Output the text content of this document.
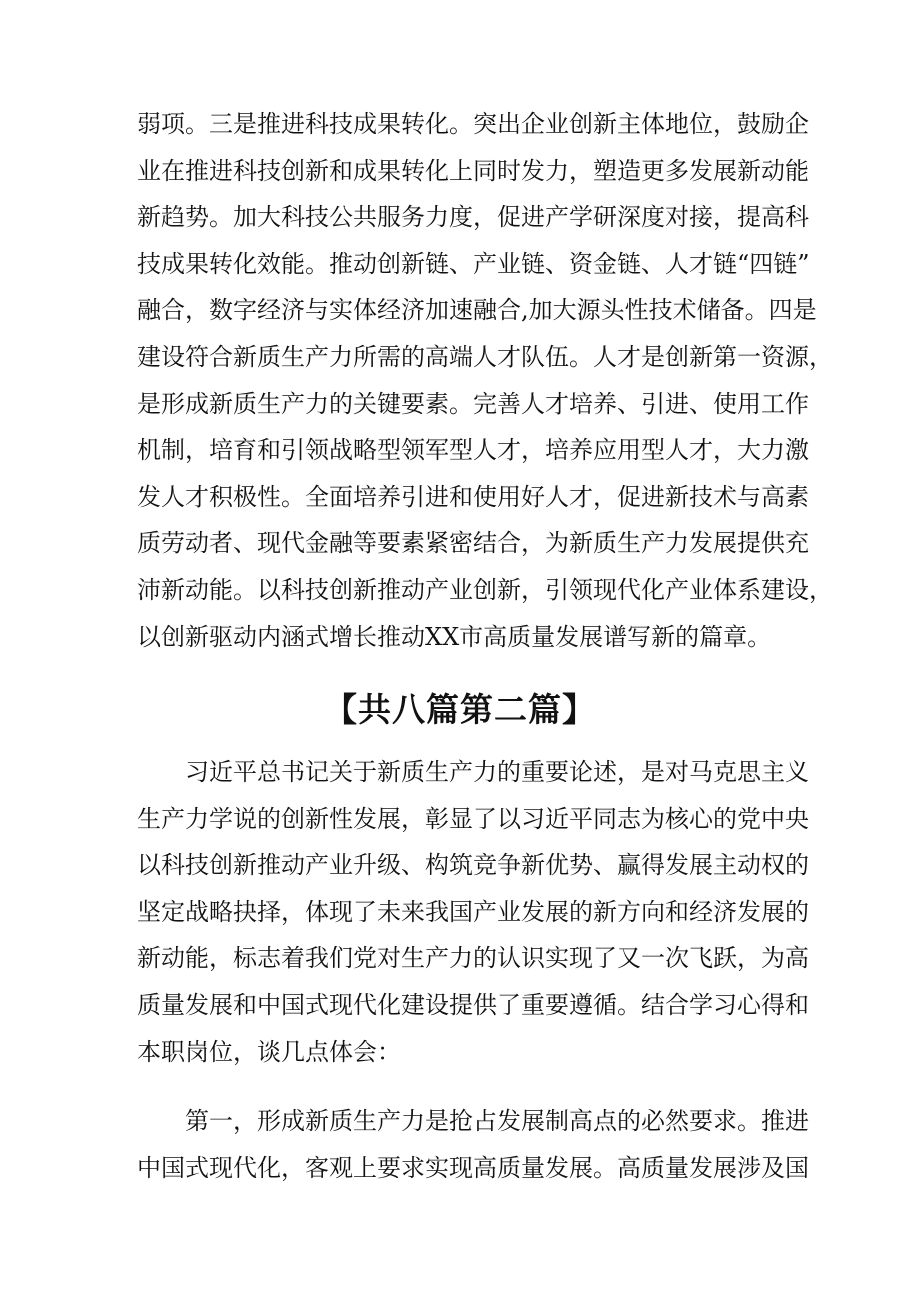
弱项。三是推进科技成果转化。突出企业创新主体地位，鼓励企
业在推进科技创新和成果转化上同时发力，塑造更多发展新动能
新趋势。加大科技公共服务力度，促进产学研深度对接，提高科
技成果转化效能。推动创新链、产业链、资金链、人才链“四链”
融合，数字经济与实体经济加速融合,加大源头性技术储备。四是
建设符合新质生产力所需的高端人才队伍。人才是创新第一资源，
是形成新质生产力的关键要素。完善人才培养、引进、使用工作
机制，培育和引领战略型领军型人才，培养应用型人才，大力激
发人才积极性。全面培养引进和使用好人才，促进新技术与高素
质劳动者、现代金融等要素紧密结合，为新质生产力发展提供充
沛新动能。以科技创新推动产业创新，引领现代化产业体系建设，
以创新驱动内涵式增长推动XX市高质量发展谱写新的篇章。
【共八篇第二篇】
　　习近平总书记关于新质生产力的重要论述，是对马克思主义
生产力学说的创新性发展，彰显了以习近平同志为核心的党中央
以科技创新推动产业升级、构筑竞争新优势、赢得发展主动权的
坚定战略抉择，体现了未来我国产业发展的新方向和经济发展的
新动能，标志着我们党对生产力的认识实现了又一次飞跃，为高
质量发展和中国式现代化建设提供了重要遵循。结合学习心得和
本职岗位，谈几点体会：
　　第一，形成新质生产力是抢占发展制高点的必然要求。推进
中国式现代化，客观上要求实现高质量发展。高质量发展涉及国
